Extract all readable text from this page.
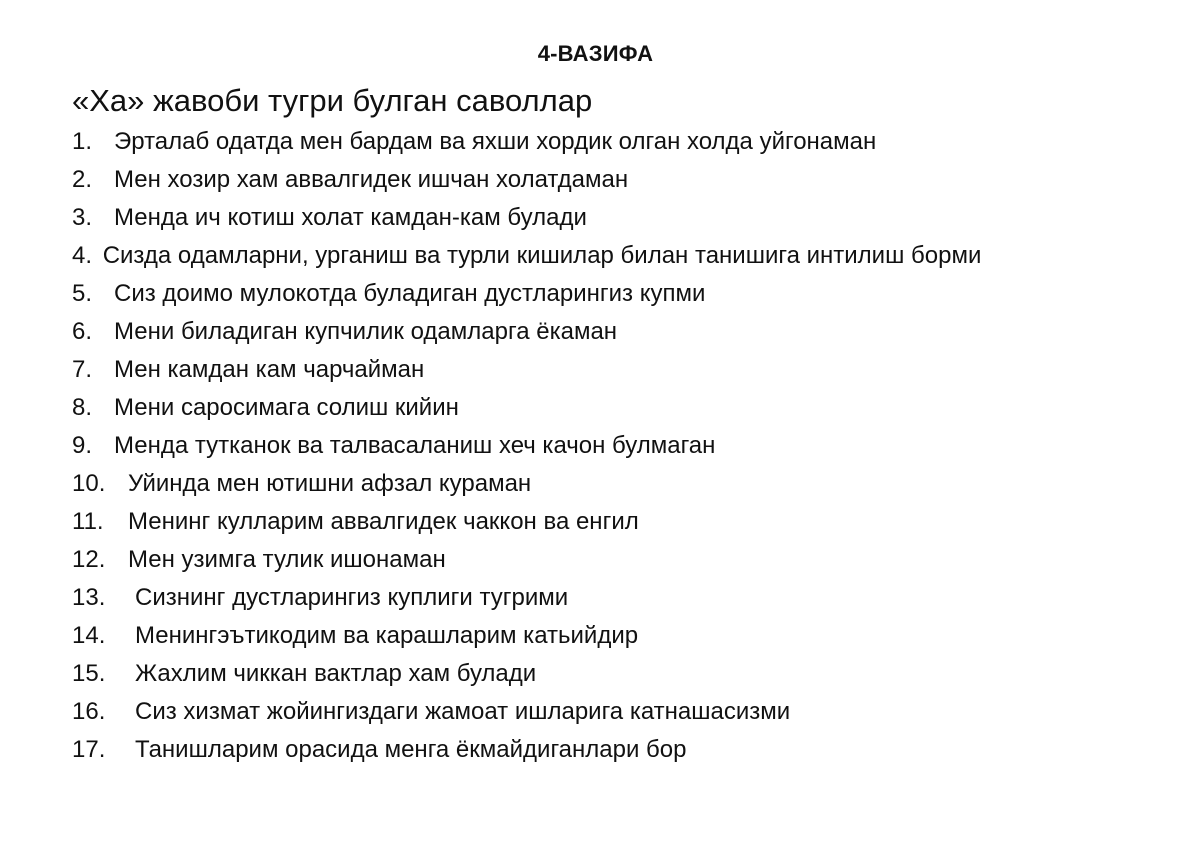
4-ВАЗИФА
«Ха» жавоби тугри булган саволлар
1. Эрталаб одатда мен бардам ва яхши хордик олган холда уйгонаман
2. Мен хозир хам аввалгидек ишчан холатдаман
3. Менда ич котиш холат камдан-кам булади
4. Сизда одамларни, урганиш ва турли кишилар билан танишига интилиш борми
5. Сиз доимо мулокотда буладиган дустларингиз купми
6. Мени биладиган купчилик одамларга ёкаман
7. Мен камдан кам чарчайман
8. Мени саросимага солиш кийин
9. Менда тутканок ва талвасаланиш хеч качон булмаган
10. Уйинда мен ютишни афзал кураман
11.	Менинг кулларим аввалгидек чаккон ва енгил
12. Мен узимга тулик ишонаман
13.	Сизнинг дустларингиз куплиги тугрими
14.	Менингэътикодим ва карашларим катьийдир
15.	Жахлим чиккан вактлар хам булади
16.	Сиз хизмат жойингиздаги жамоат ишларига катнашасизми
17.	Танишларим орасида менга ёкмайдиганлари бор
